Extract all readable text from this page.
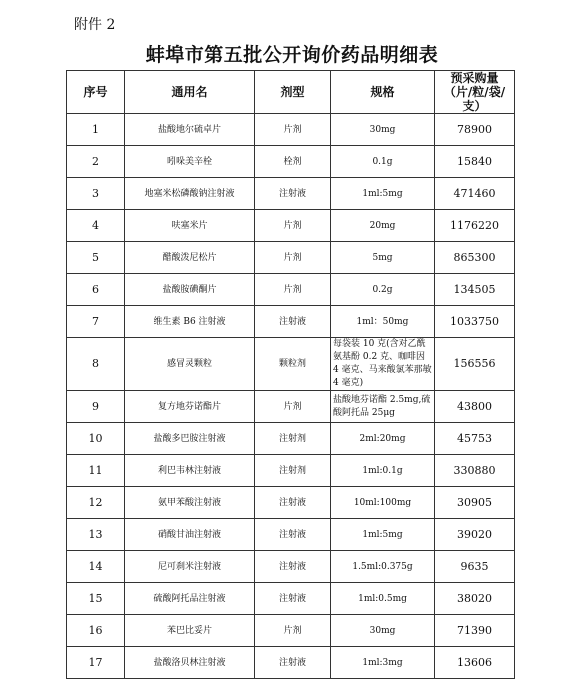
附件 2
蚌埠市第五批公开询价药品明细表
序号	通用名	剂型	规格	预采购量（片/粒/袋/支）
1	盐酸地尔硫卓片	片剂	30mg	78900
2	吲哚美辛栓	栓剂	0.1g	15840
3	地塞米松磷酸钠注射液	注射液	1ml:5mg	471460
4	呋塞米片	片剂	20mg	1176220
5	醋酸泼尼松片	片剂	5mg	865300
6	盐酸胺碘酮片	片剂	0.2g	134505
7	维生素 B6 注射液	注射液	1ml：50mg	1033750
8	感冒灵颗粒	颗粒剂	每袋装 10 克(含对乙酰氨基酚 0.2 克、咖啡因 4 毫克、马来酸氯苯那敏 4 毫克)	156556
9	复方地芬诺酯片	片剂	盐酸地芬诺酯 2.5mg,硫酸阿托品 25μg	43800
10	盐酸多巴胺注射液	注射剂	2ml:20mg	45753
11	利巴韦林注射液	注射剂	1ml:0.1g	330880
12	氨甲苯酸注射液	注射液	10ml:100mg	30905
13	硝酸甘油注射液	注射液	1ml:5mg	39020
14	尼可刹米注射液	注射液	1.5ml:0.375g	9635
15	硫酸阿托品注射液	注射液	1ml:0.5mg	38020
16	苯巴比妥片	片剂	30mg	71390
17	盐酸洛贝林注射液	注射液	1ml:3mg	13606
